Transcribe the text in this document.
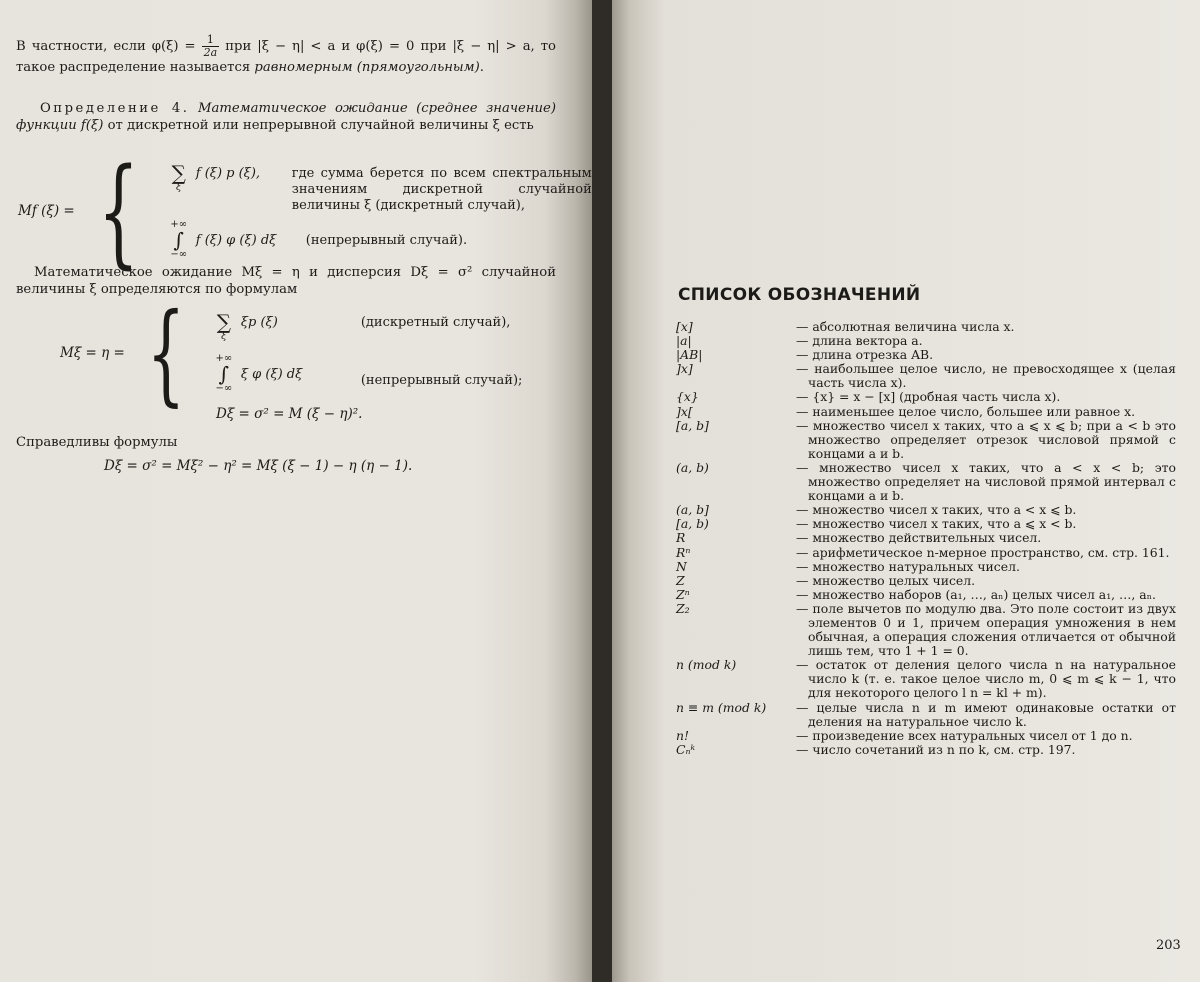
В частности, если $\varphi(\xi) = \frac{1}{2a}$ при |ξ − η| < a и φ(ξ) = 0 при |ξ − η| > a, то такое распределение называется равномерным (прямоугольным).

Определение 4. Математическое ожидание (среднее значение) функции f(ξ) от дискретной или непрерывной случайной величины ξ есть

Mf (ξ) = {	∑
ξ
f (ξ) p (ξ),	где сумма берется по всем спектральным значениям дискретной случайной величины ξ (дискретный случай),
+∞
∫
−∞
f (ξ) φ (ξ) dξ	(непрерывный случай).

Математическое ожидание Mξ = η и дисперсия Dξ = σ² случайной величины ξ определяются по формулам

Mξ = η = {	∑
ξ
ξp (ξ)	(дискретный случай),
+∞
∫
−∞
ξ φ (ξ) dξ	(непрерывный случай);
Dξ = σ² = M (ξ − η)².

Справедливы формулы

Dξ = σ² = Mξ² − η² = Mξ (ξ − 1) − η (η − 1).
СПИСОК ОБОЗНАЧЕНИЙ
[x]	— абсолютная величина числа x.
|a|	— длина вектора a.
|AB|	— длина отрезка AB.
]x]	— наибольшее целое число, не превосходящее x (целая часть числа x).
{x}	— {x} = x − [x] (дробная часть числа x).
]x[	— наименьшее целое число, большее или равное x.
[a, b]	— множество чисел x таких, что a ⩽ x ⩽ b; при a < b это множество определяет отрезок числовой прямой с концами a и b.
(a, b)	— множество чисел x таких, что a < x < b; это множество определяет на числовой прямой интервал с концами a и b.
(a, b]	— множество чисел x таких, что a < x ⩽ b.
[a, b)	— множество чисел x таких, что a ⩽ x < b.
R	— множество действительных чисел.
Rⁿ	— арифметическое n-мерное пространство, см. стр. 161.
N	— множество натуральных чисел.
Z	— множество целых чисел.
Zⁿ	— множество наборов (a₁, …, aₙ) целых чисел a₁, …, aₙ.
Z₂	— поле вычетов по модулю два. Это поле состоит из двух элементов 0 и 1, причем операция умножения в нем обычная, а операция сложения отличается от обычной лишь тем, что 1 + 1 = 0.
n (mod k)	— остаток от деления целого числа n на натуральное число k (т. е. такое целое число m, 0 ⩽ m ⩽ k − 1, что для некоторого целого l n = kl + m).
n ≡ m (mod k)	— целые числа n и m имеют одинаковые остатки от деления на натуральное число k.
n!	— произведение всех натуральных чисел от 1 до n.
Cₙᵏ	— число сочетаний из n по k, см. стр. 197.

203
